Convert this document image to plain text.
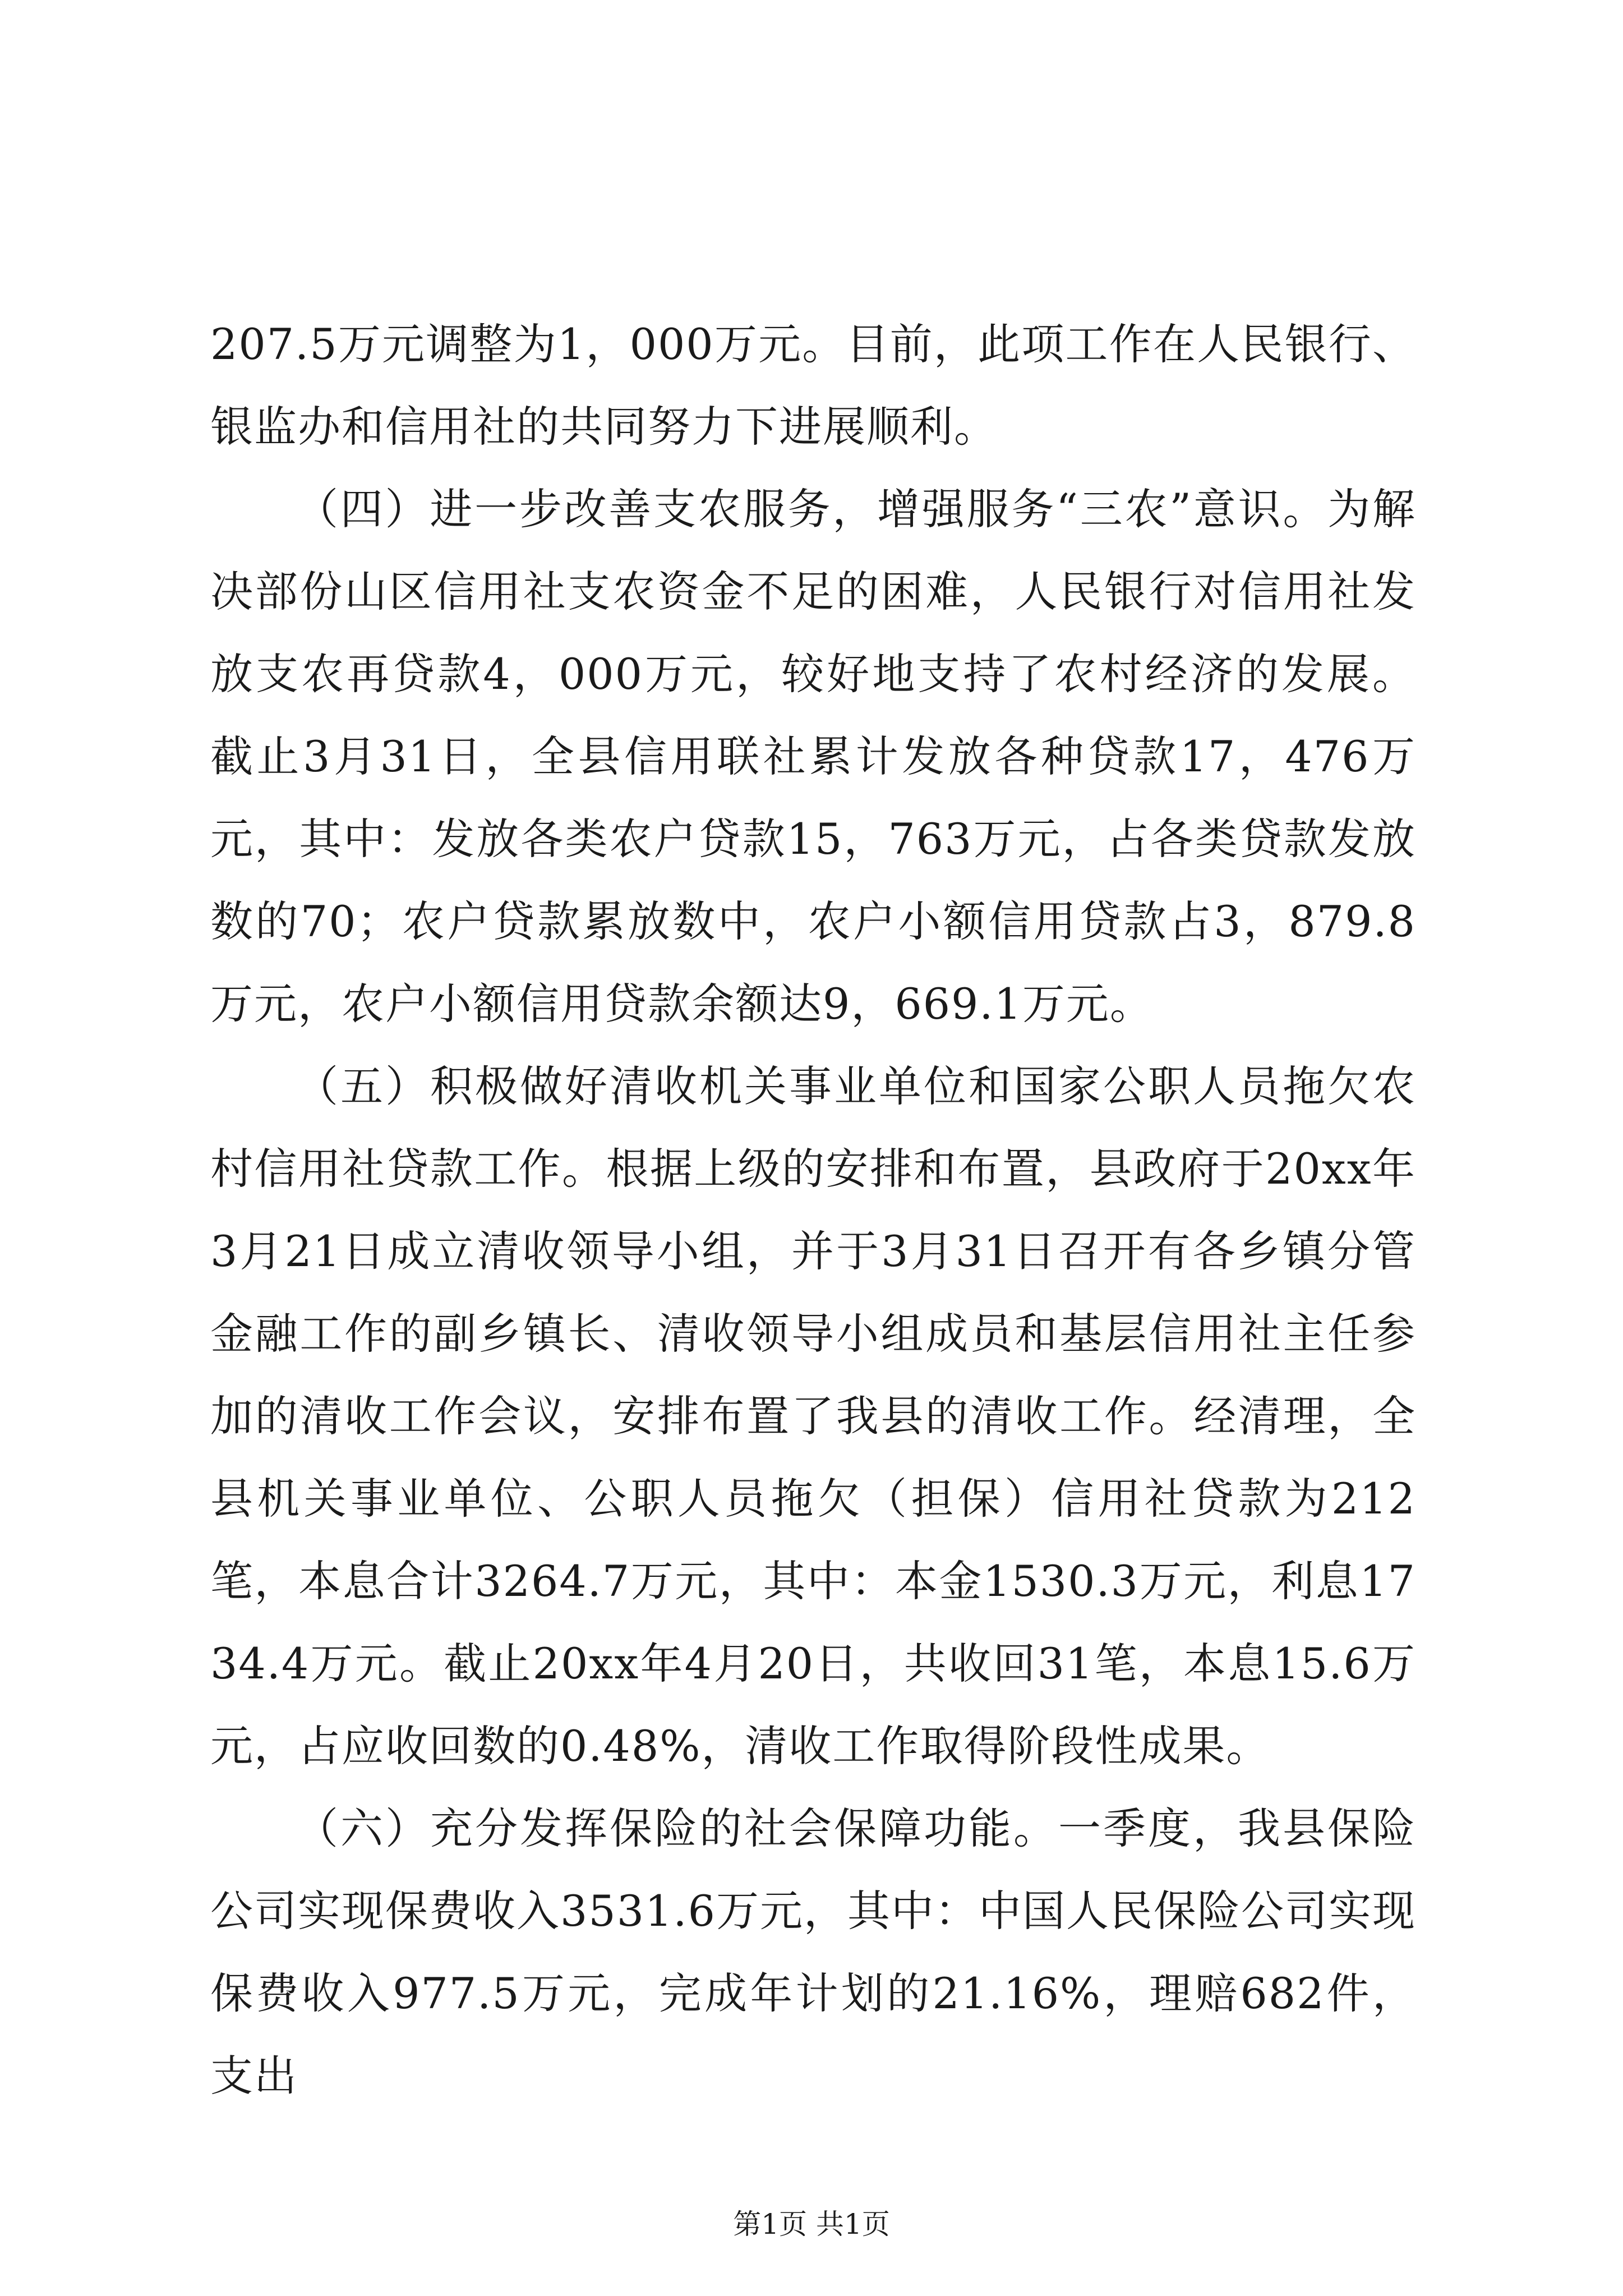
207.5万元调整为1，000万元。目前，此项工作在人民银行、银监办和信用社的共同努力下进展顺利。

（四）进一步改善支农服务，增强服务“三农”意识。为解决部份山区信用社支农资金不足的困难，人民银行对信用社发放支农再贷款4，000万元，较好地支持了农村经济的发展。截止3月31日，全县信用联社累计发放各种贷款17，476万元，其中：发放各类农户贷款15，763万元，占各类贷款发放数的70；农户贷款累放数中，农户小额信用贷款占3，879.8万元，农户小额信用贷款余额达9，669.1万元。

（五）积极做好清收机关事业单位和国家公职人员拖欠农村信用社贷款工作。根据上级的安排和布置，县政府于20xx年3月21日成立清收领导小组，并于3月31日召开有各乡镇分管金融工作的副乡镇长、清收领导小组成员和基层信用社主任参加的清收工作会议，安排布置了我县的清收工作。经清理，全县机关事业单位、公职人员拖欠（担保）信用社贷款为212笔，本息合计3264.7万元，其中：本金1530.3万元，利息1734.4万元。截止20xx年4月20日，共收回31笔，本息15.6万元，占应收回数的0.48%，清收工作取得阶段性成果。

（六）充分发挥保险的社会保障功能。一季度，我县保险公司实现保费收入3531.6万元，其中：中国人民保险公司实现保费收入977.5万元，完成年计划的21.16%，理赔682件，支出

第1页 共1页
